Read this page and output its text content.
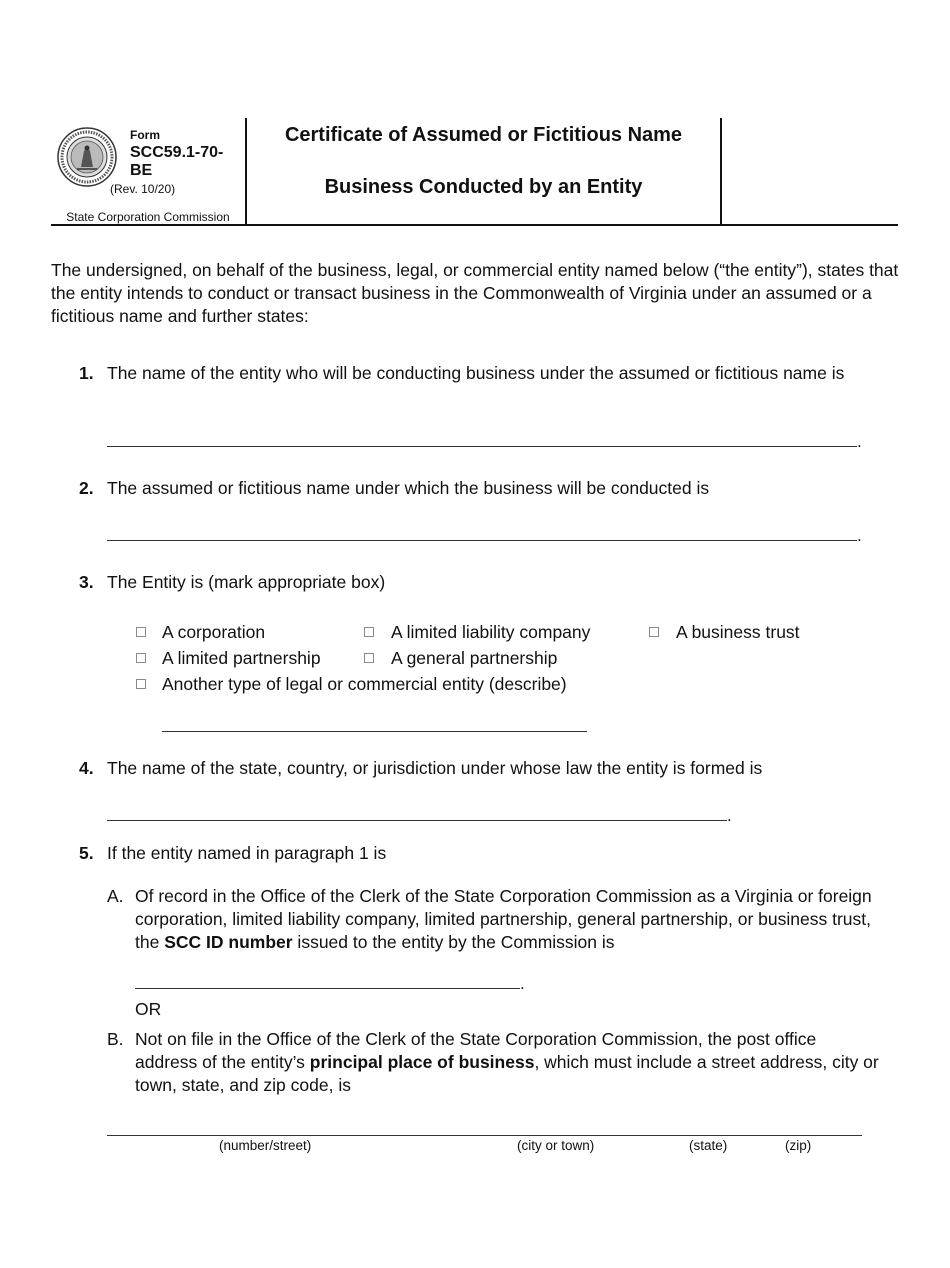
Form
SCC59.1-70-BE
(Rev. 10/20)
State Corporation Commission
Certificate of Assumed or Fictitious Name
Business Conducted by an Entity
The undersigned, on behalf of the business, legal, or commercial entity named below (“the entity”), states that the entity intends to conduct or transact business in the Commonwealth of Virginia under an assumed or a fictitious name and further states:
1. The name of the entity who will be conducting business under the assumed or fictitious name is
.
2. The assumed or fictitious name under which the business will be conducted is
.
3. The Entity is (mark appropriate box)
A corporation	A limited liability company	A business trust
A limited partnership	A general partnership
Another type of legal or commercial entity (describe)
4. The name of the state, country, or jurisdiction under whose law the entity is formed is
.
5. If the entity named in paragraph 1 is
A. Of record in the Office of the Clerk of the State Corporation Commission as a Virginia or foreign corporation, limited liability company, limited partnership, general partnership, or business trust, the SCC ID number issued to the entity by the Commission is
.
OR
B. Not on file in the Office of the Clerk of the State Corporation Commission, the post office address of the entity’s principal place of business, which must include a street address, city or town, state, and zip code, is
(number/street)	(city or town)	(state)	(zip)
